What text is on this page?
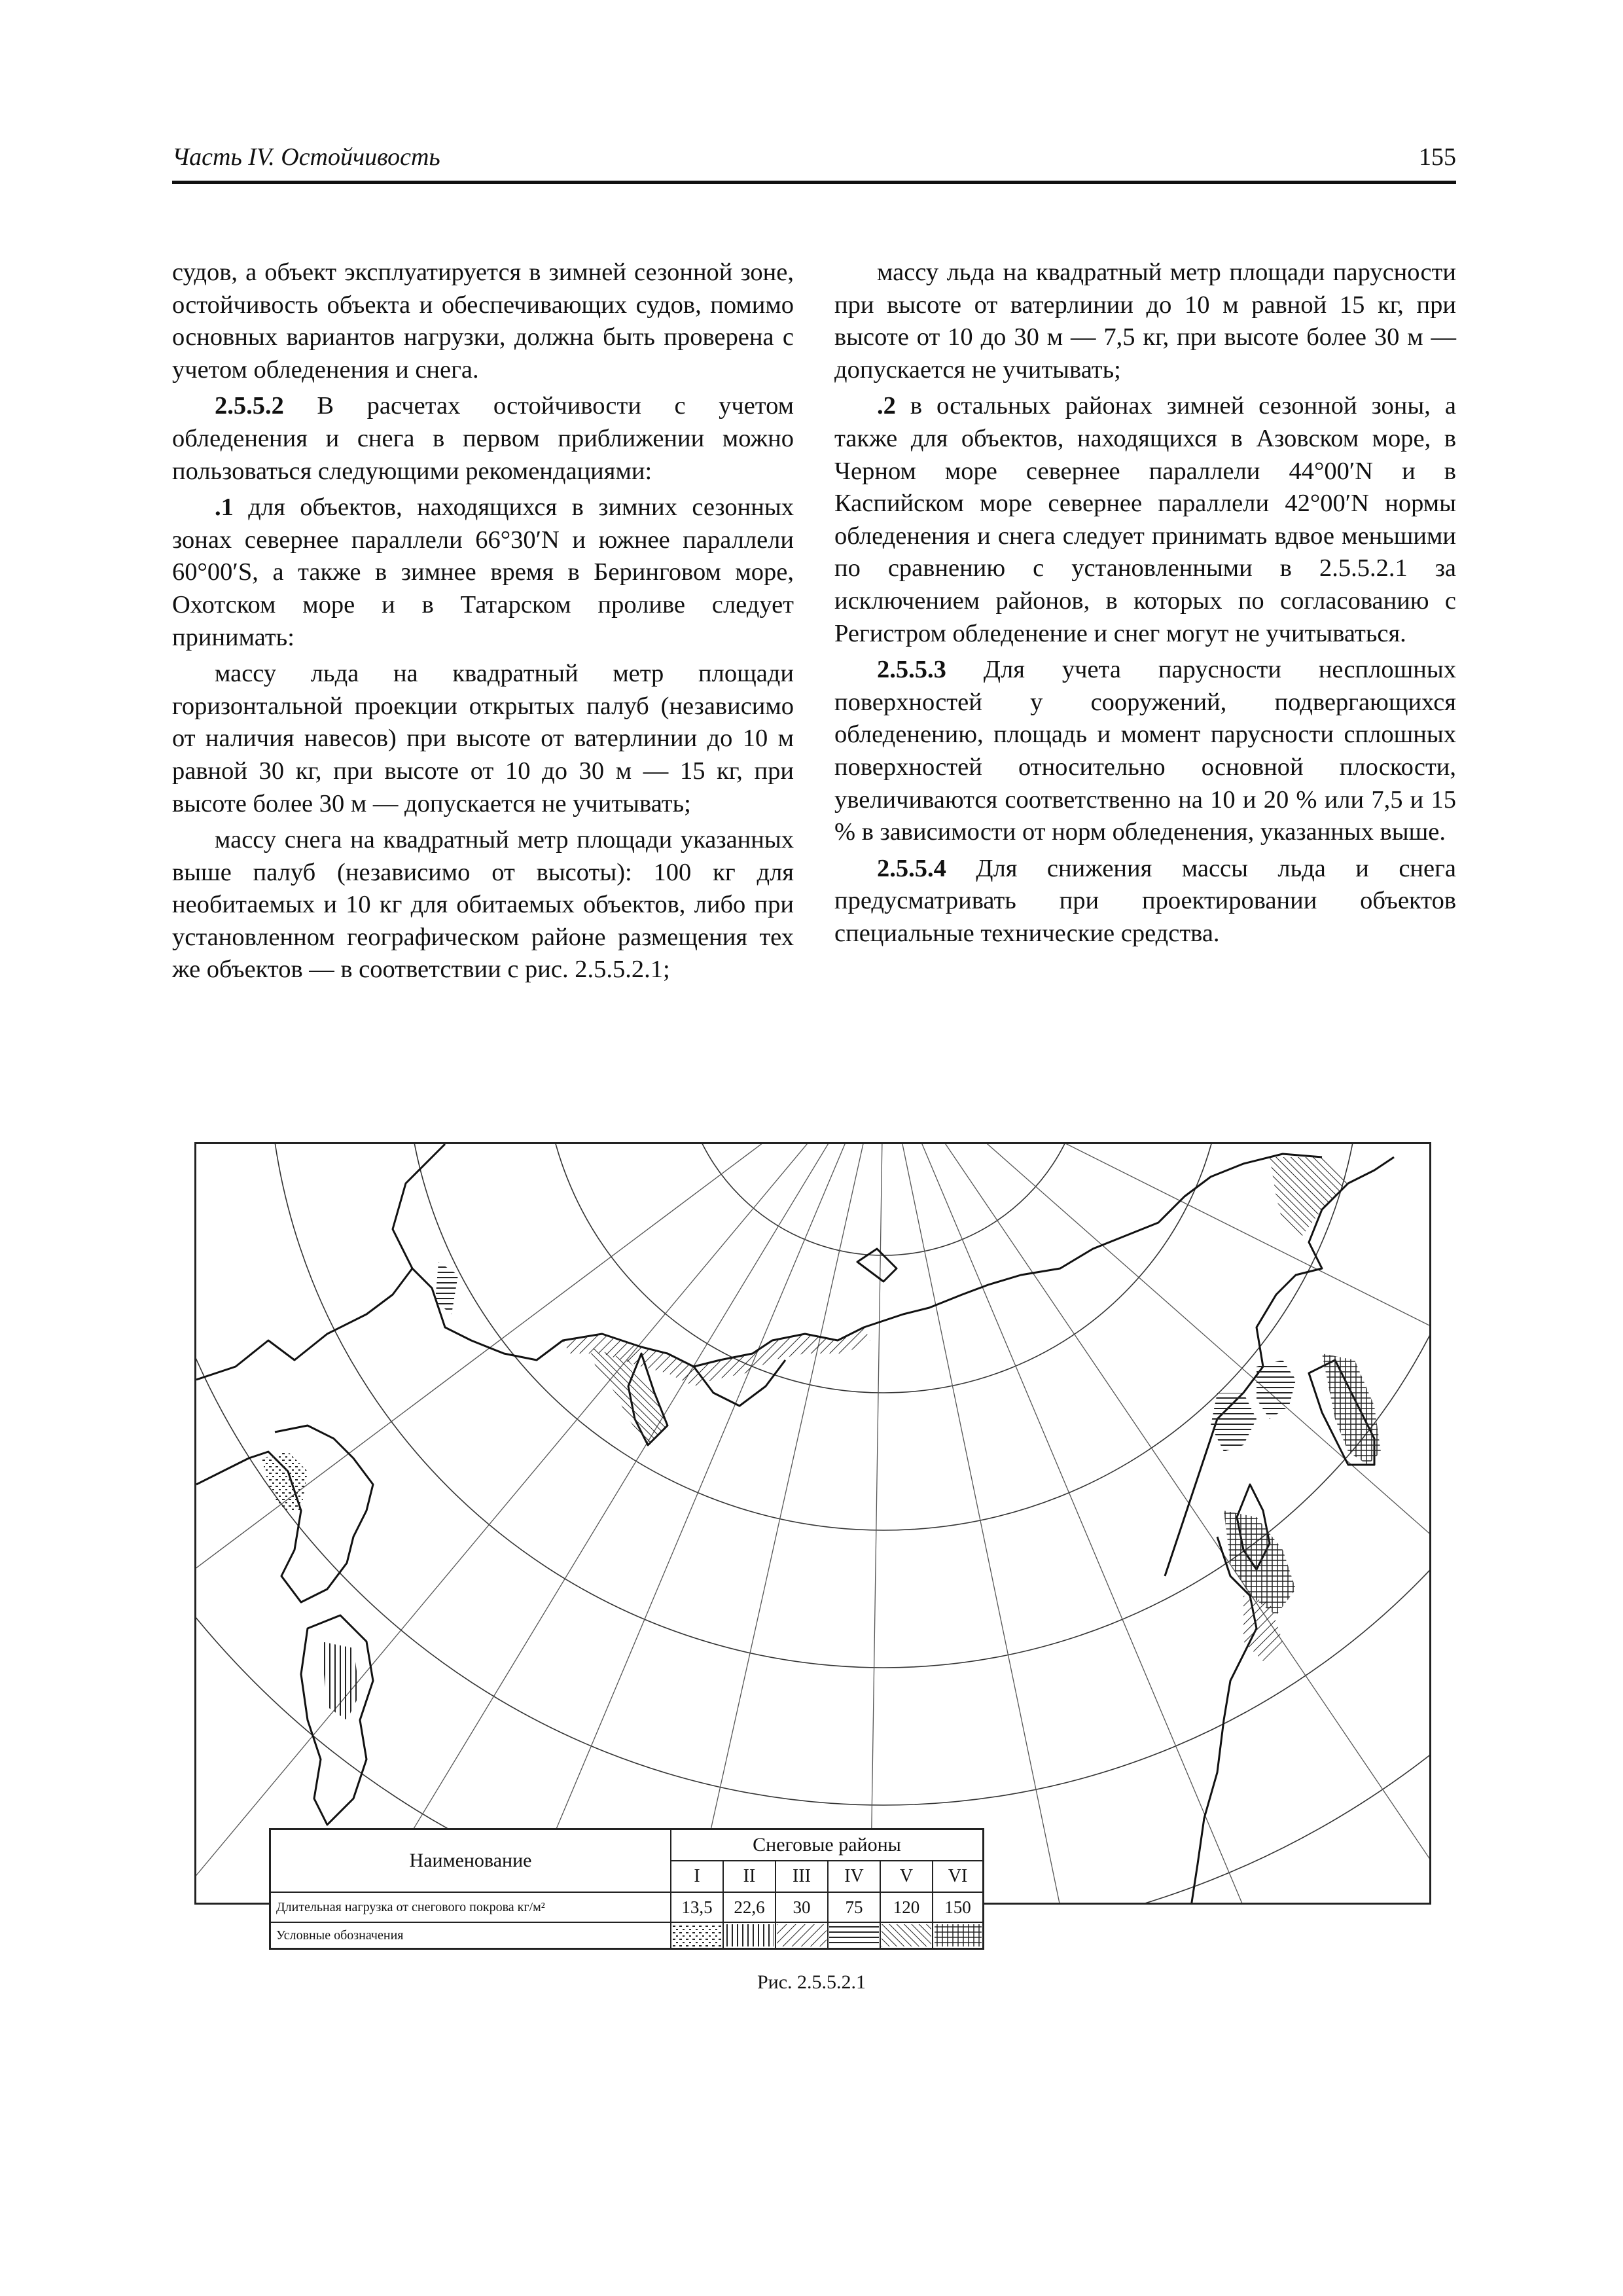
Часть IV. Остойчивость	155

судов, а объект эксплуатируется в зимней сезонной зоне, остойчивость объекта и обеспечивающих судов, помимо основных вариантов нагрузки, должна быть проверена с учетом обледенения и снега.

2.5.5.2 В расчетах остойчивости с учетом обледенения и снега в первом приближении можно пользоваться следующими рекомендациями:

.1 для объектов, находящихся в зимних сезонных зонах севернее параллели 66°30′N и южнее параллели 60°00′S, а также в зимнее время в Беринговом море, Охотском море и в Татарском проливе следует принимать:

массу льда на квадратный метр площади горизонтальной проекции открытых палуб (независимо от наличия навесов) при высоте от ватерлинии до 10 м равной 30 кг, при высоте от 10 до 30 м — 15 кг, при высоте более 30 м — допускается не учитывать;

массу снега на квадратный метр площади указанных выше палуб (независимо от высоты): 100 кг для необитаемых и 10 кг для обитаемых объектов, либо при установленном географическом районе размещения тех же объектов — в соответствии с рис. 2.5.5.2.1;

массу льда на квадратный метр площади парусности при высоте от ватерлинии до 10 м равной 15 кг, при высоте от 10 до 30 м — 7,5 кг, при высоте более 30 м — допускается не учитывать;

.2 в остальных районах зимней сезонной зоны, а также для объектов, находящихся в Азовском море, в Черном море севернее параллели 44°00′N и в Каспийском море севернее параллели 42°00′N нормы обледенения и снега следует принимать вдвое меньшими по сравнению с установленными в 2.5.5.2.1 за исключением районов, в которых по согласованию с Регистром обледенение и снег могут не учитываться.

2.5.5.3 Для учета парусности несплошных поверхностей у сооружений, подвергающихся обледенению, площадь и момент парусности сплошных поверхностей относительно основной плоскости, увеличиваются соответственно на 10 и 20 % или 7,5 и 15 % в зависимости от норм обледенения, указанных выше.

2.5.5.4 Для снижения массы льда и снега предусматривать при проектировании объектов специальные технические средства.

Наименование
Снеговые районы
I	II	III	IV	V	VI
Длительная нагрузка от снегового покрова кг/м²	13,5	22,6	30	75	120	150
Условные обозначения
Рис. 2.5.5.2.1
